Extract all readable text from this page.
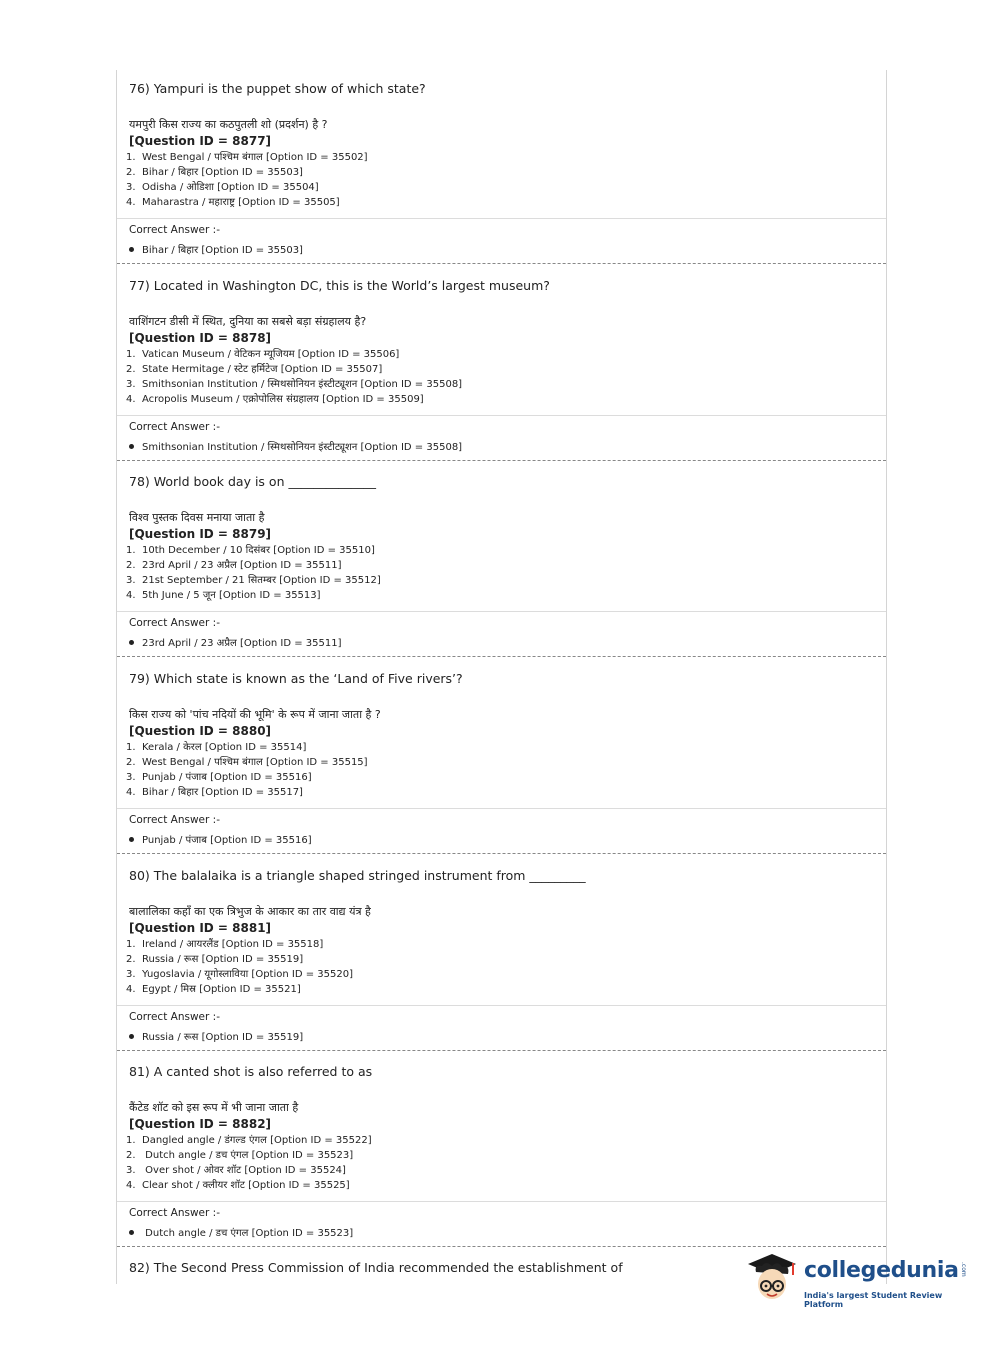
76) Yampuri is the puppet show of which state?
यमपुरी किस राज्य का कठपुतली शो (प्रदर्शन) है ?
[Question ID = 8877]
1. West Bengal / पश्चिम बंगाल [Option ID = 35502]
2. Bihar / बिहार [Option ID = 35503]
3. Odisha / ओडिशा [Option ID = 35504]
4. Maharastra / महाराष्ट्र [Option ID = 35505]
Correct Answer :-
Bihar / बिहार [Option ID = 35503]
77) Located in Washington DC, this is the World’s largest museum?
वाशिंगटन डीसी में स्थित, दुनिया का सबसे बड़ा संग्रहालय है?
[Question ID = 8878]
1. Vatican Museum / वेटिकन म्यूजियम [Option ID = 35506]
2. State Hermitage / स्टेट हर्मिटेज [Option ID = 35507]
3. Smithsonian Institution / स्मिथसोनियन इंस्टीट्यूशन [Option ID = 35508]
4. Acropolis Museum / एक्रोपोलिस संग्रहालय [Option ID = 35509]
Correct Answer :-
Smithsonian Institution / स्मिथसोनियन इंस्टीट्यूशन [Option ID = 35508]
78) World book day is on ______________
विश्व पुस्तक दिवस मनाया जाता है
[Question ID = 8879]
1. 10th December / 10 दिसंबर [Option ID = 35510]
2. 23rd April / 23 अप्रैल [Option ID = 35511]
3. 21st September / 21 सितम्बर [Option ID = 35512]
4. 5th June / 5 जून [Option ID = 35513]
Correct Answer :-
23rd April / 23 अप्रैल [Option ID = 35511]
79) Which state is known as the ‘Land of Five rivers’?
किस राज्य को 'पांच नदियों की भूमि' के रूप में जाना जाता है ?
[Question ID = 8880]
1. Kerala / केरल [Option ID = 35514]
2. West Bengal / पश्चिम बंगाल [Option ID = 35515]
3. Punjab / पंजाब [Option ID = 35516]
4. Bihar / बिहार [Option ID = 35517]
Correct Answer :-
Punjab / पंजाब [Option ID = 35516]
80) The balalaika is a triangle shaped stringed instrument from _________
बालालिका कहाँ का एक त्रिभुज के आकार का तार वाद्य यंत्र है
[Question ID = 8881]
1. Ireland / आयरलैंड [Option ID = 35518]
2. Russia / रूस [Option ID = 35519]
3. Yugoslavia / यूगोस्लाविया [Option ID = 35520]
4. Egypt / मिस्र [Option ID = 35521]
Correct Answer :-
Russia / रूस [Option ID = 35519]
81) A canted shot is also referred to as
कैंटेड शॉट को इस रूप में भी जाना जाता है
[Question ID = 8882]
1. Dangled angle / डंगल्ड एंगल [Option ID = 35522]
2. Dutch angle / डच एंगल [Option ID = 35523]
3. Over shot / ओवर शॉट [Option ID = 35524]
4. Clear shot / क्लीयर शॉट [Option ID = 35525]
Correct Answer :-
Dutch angle / डच एंगल [Option ID = 35523]
82) The Second Press Commission of India recommended the establishment of	collegedunia .com
India's largest Student Review Platform
